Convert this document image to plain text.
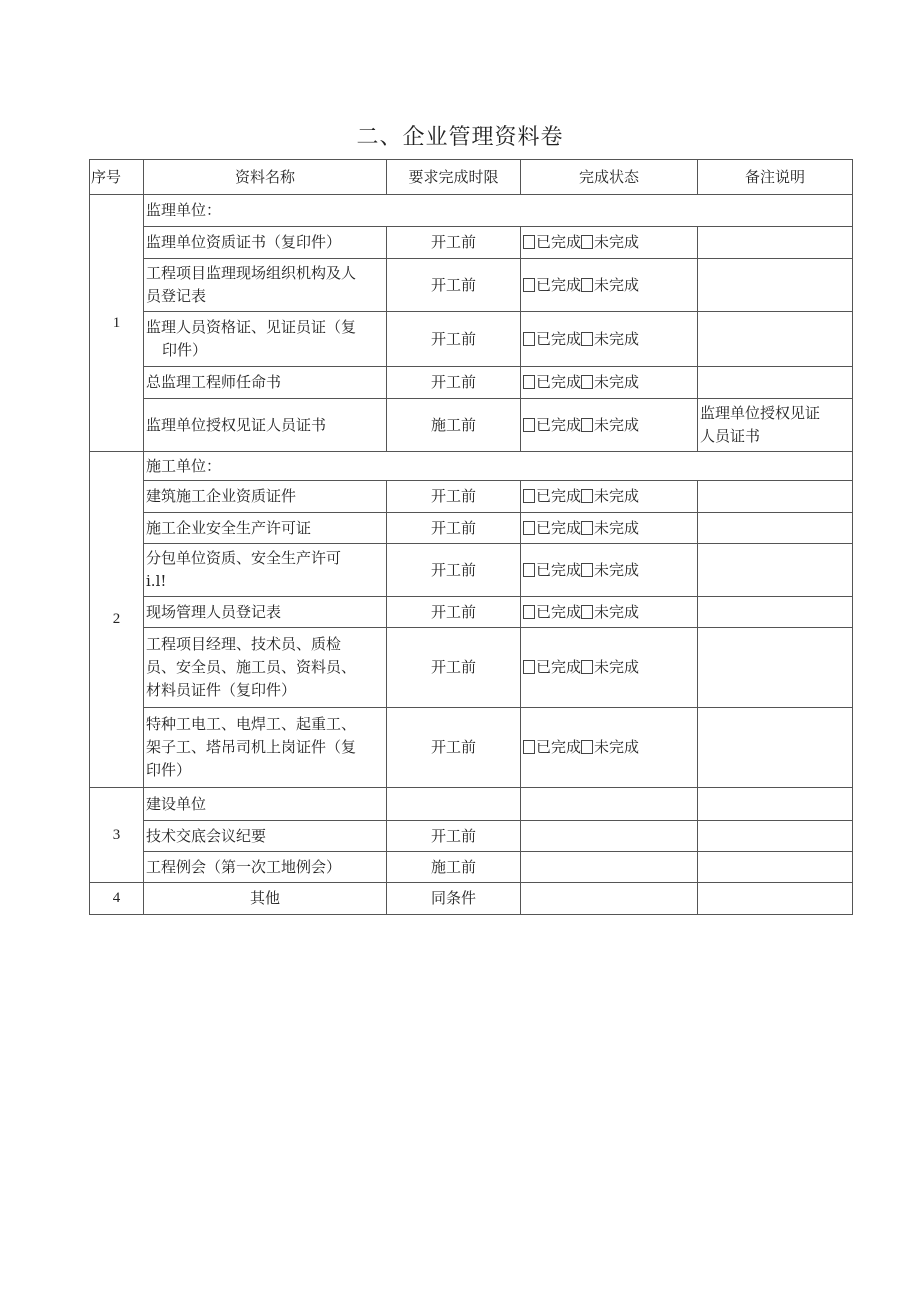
二、企业管理资料卷
序号	资料名称	要求完成时限	完成状态	备注说明
1	监理单位：			
	监理单位资质证书（复印件）	开工前	已完成 未完成	

	工程项目监理现场组织机构及人
员登记表	开工前	已完成 未完成	

	监理人员资格证、见证员证（复
印件）	开工前	已完成 未完成	
	总监理工程师任命书	开工前	已完成 未完成	
	监理单位授权见证人员证书	施工前	已完成 未完成	监理单位授权见证
人员证书

2	施工单位：			
	建筑施工企业资质证件	开工前	已完成 未完成	
	施工企业安全生产许可证	开工前	已完成 未完成	

	分包单位资质、安全生产许可
i.l!	开工前	已完成 未完成	
	现场管理人员登记表	开工前	已完成 未完成	

	工程项目经理、技术员、质检
员、安全员、施工员、资料员、
材料员证件（复印件）	开工前	已完成 未完成	

	特种工电工、电焊工、起重工、
架子工、塔吊司机上岗证件（复
印件）	开工前	已完成 未完成	
3	建设单位			
	技术交底会议纪要	开工前		
	工程例会（第一次工地例会）	施工前		
4	其他	同条件		
